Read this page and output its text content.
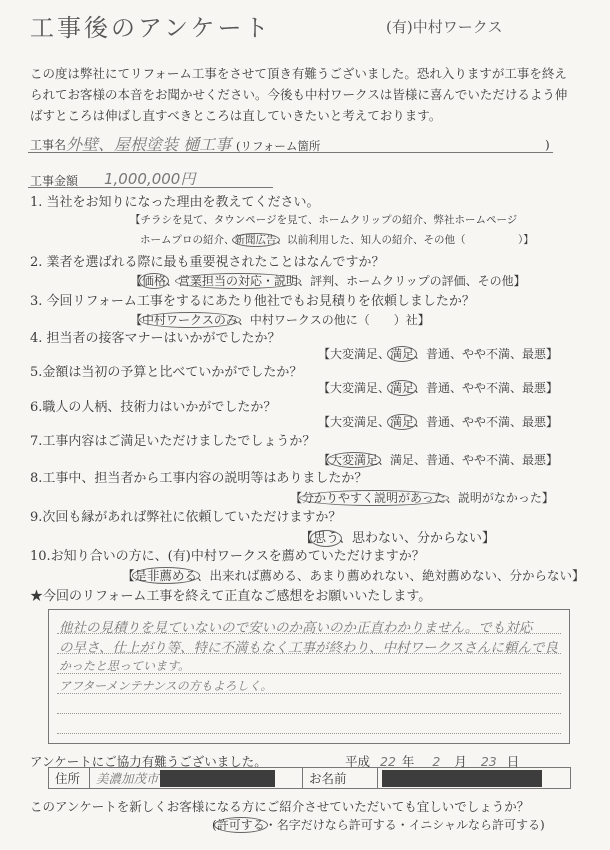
工事後のアンケート	(有)中村ワークス
この度は弊社にてリフォーム工事をさせて頂き有難うございました。恐れ入りますが工事を終え
られてお客様の本音をお聞かせください。今後も中村ワークスは皆様に喜んでいただけるよう伸
ばすところは伸ばし直すべきところは直していきたいと考えております。
工事名 外壁、屋根塗装 樋工事 (リフォーム箇所	)
工事金額 1,000,000円
1. 当社をお知りになった理由を教えてください。
【チラシを見て、タウンページを見て、ホームクリップの紹介、弊社ホームページ
ホームプロの紹介、新聞広告、以前利用した、知人の紹介、その他（　　　　　）】
2. 業者を選ばれる際に最も重要視されたことはなんですか？
【価格、営業担当の対応・説明、評判、ホームクリップの評価、その他】
3. 今回リフォーム工事をするにあたり他社でもお見積りを依頼しましたか？
【中村ワークスのみ、中村ワークスの他に（　　）社】
4. 担当者の接客マナーはいかがでしたか？
【大変満足、満足、普通、やや不満、最悪】
5.金額は当初の予算と比べていかがでしたか？
【大変満足、満足、普通、やや不満、最悪】
6.職人の人柄、技術力はいかがでしたか？
【大変満足、満足、普通、やや不満、最悪】
7.工事内容はご満足いただけましたでしょうか？
【大変満足、満足、普通、やや不満、最悪】
8.工事中、担当者から工事内容の説明等はありましたか？
【分かりやすく説明があった、説明がなかった】
9.次回も縁があれば弊社に依頼していただけますか？
【思う、思わない、分からない】
10.お知り合いの方に、(有)中村ワークスを薦めていただけますか？
【是非薦める、出来れば薦める、あまり薦めれない、絶対薦めない、分からない】
★今回のリフォーム工事を終えて正直なご感想をお願いいたします。
他社の見積りを見ていないので安いのか高いのか正直わかりません。でも対応
の早さ、仕上がり等、特に不満もなく工事が終わり、中村ワークスさんに頼んで良
かったと思っています。
アフターメンテナンスの方もよろしく。
アンケートにご協力有難うございました。	平成 22 年 2 月 23 日
住所	美濃加茂市	お名前	
このアンケートを新しくお客様になる方にご紹介させていただいても宜しいでしょうか？
(許可する・名字だけなら許可する・イニシャルなら許可する)
